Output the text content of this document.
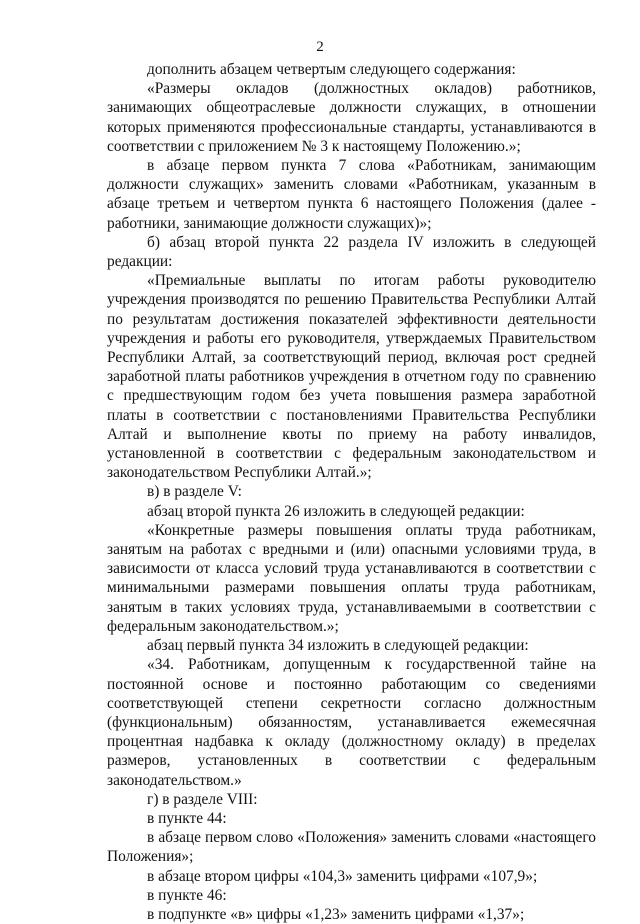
2

дополнить абзацем четвертым следующего содержания:

«Размеры окладов (должностных окладов) работников, занимающих общеотраслевые должности служащих, в отношении которых применяются профессиональные стандарты, устанавливаются в соответствии с приложением № 3 к настоящему Положению.»;

в абзаце первом пункта 7 слова «Работникам, занимающим должности служащих» заменить словами «Работникам, указанным в абзаце третьем и четвертом пункта 6 настоящего Положения (далее - работники, занимающие должности служащих)»;

б) абзац второй пункта 22 раздела IV изложить в следующей редакции:

«Премиальные выплаты по итогам работы руководителю учреждения производятся по решению Правительства Республики Алтай по результатам достижения показателей эффективности деятельности учреждения и работы его руководителя, утверждаемых Правительством Республики Алтай, за соответствующий период, включая рост средней заработной платы работников учреждения в отчетном году по сравнению с предшествующим годом без учета повышения размера заработной платы в соответствии с постановлениями Правительства Республики Алтай и выполнение квоты по приему на работу инвалидов, установленной в соответствии с федеральным законодательством и законодательством Республики Алтай.»;

в) в разделе V:

абзац второй пункта 26 изложить в следующей редакции:

«Конкретные размеры повышения оплаты труда работникам, занятым на работах с вредными и (или) опасными условиями труда, в зависимости от класса условий труда устанавливаются в соответствии с минимальными размерами повышения оплаты труда работникам, занятым в таких условиях труда, устанавливаемыми в соответствии с федеральным законодательством.»;

абзац первый пункта 34 изложить в следующей редакции:

«34. Работникам, допущенным к государственной тайне на постоянной основе и постоянно работающим со сведениями соответствующей степени секретности согласно должностным (функциональным) обязанностям, устанавливается ежемесячная процентная надбавка к окладу (должностному окладу) в пределах размеров, установленных в соответствии с федеральным законодательством.»

г) в разделе VIII:

в пункте 44:

в абзаце первом слово «Положения» заменить словами «настоящего Положения»;

в абзаце втором цифры «104,3» заменить цифрами «107,9»;

в пункте 46:

в подпункте «в» цифры «1,23» заменить цифрами «1,37»;
